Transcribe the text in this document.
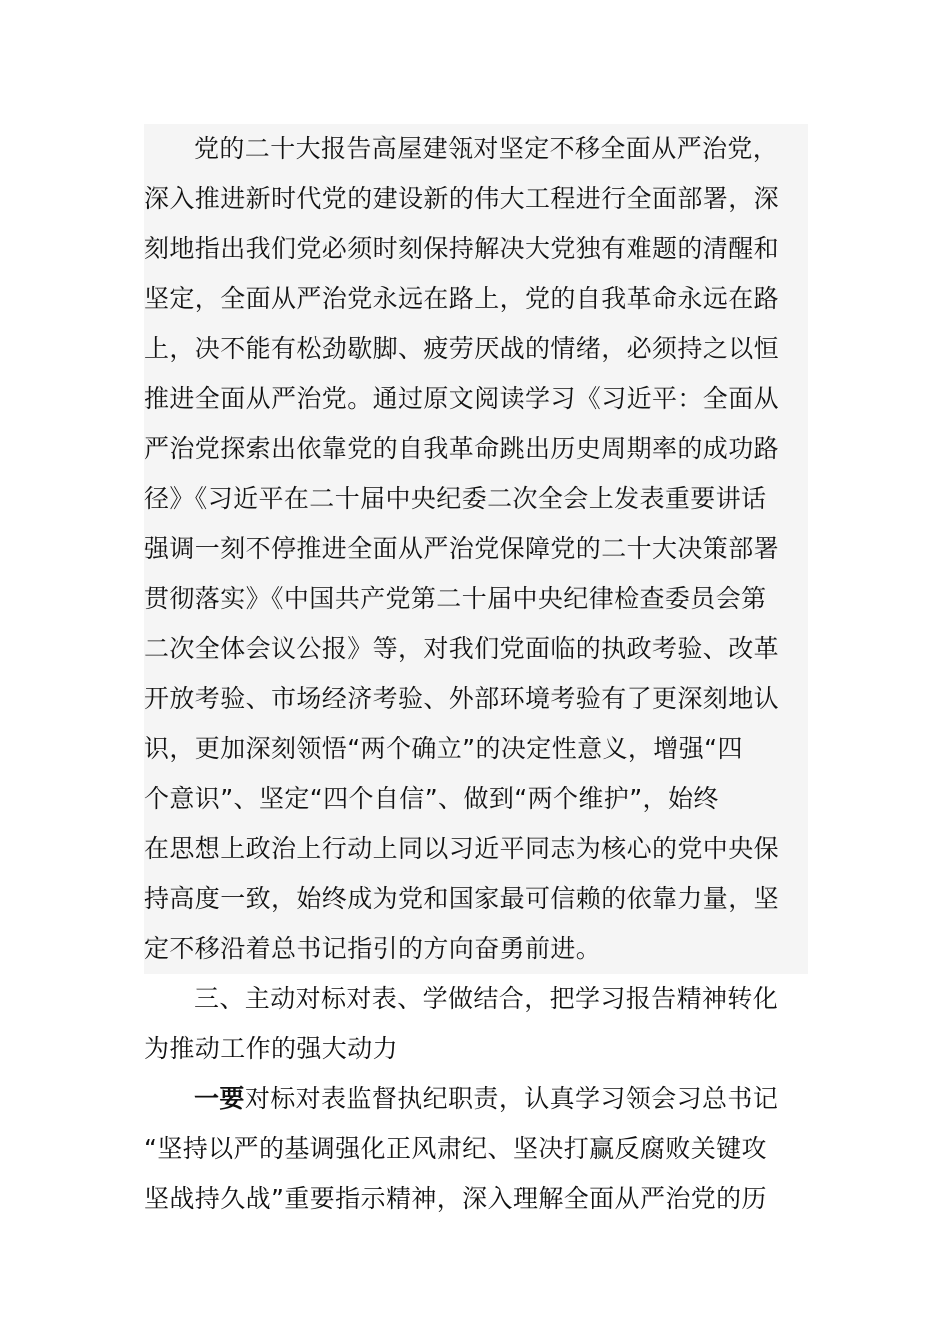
党的二十大报告高屋建瓴对坚定不移全面从严治党，
深入推进新时代党的建设新的伟大工程进行全面部署，深
刻地指出我们党必须时刻保持解决大党独有难题的清醒和
坚定，全面从严治党永远在路上，党的自我革命永远在路
上，决不能有松劲歇脚、疲劳厌战的情绪，必须持之以恒
推进全面从严治党。通过原文阅读学习《习近平：全面从
严治党探索出依靠党的自我革命跳出历史周期率的成功路
径》《习近平在二十届中央纪委二次全会上发表重要讲话
强调一刻不停推进全面从严治党保障党的二十大决策部署
贯彻落实》《中国共产党第二十届中央纪律检查委员会第
二次全体会议公报》等，对我们党面临的执政考验、改革
开放考验、市场经济考验、外部环境考验有了更深刻地认
识，更加深刻领悟“两个确立”的决定性意义，增强“四
个意识”、坚定“四个自信”、做到“两个维护”，始终
在思想上政治上行动上同以习近平同志为核心的党中央保
持高度一致，始终成为党和国家最可信赖的依靠力量，坚
定不移沿着总书记指引的方向奋勇前进。
三、主动对标对表、学做结合，把学习报告精神转化
为推动工作的强大动力
一要对标对表监督执纪职责，认真学习领会习总书记
“坚持以严的基调强化正风肃纪、坚决打赢反腐败关键攻
坚战持久战”重要指示精神，深入理解全面从严治党的历
